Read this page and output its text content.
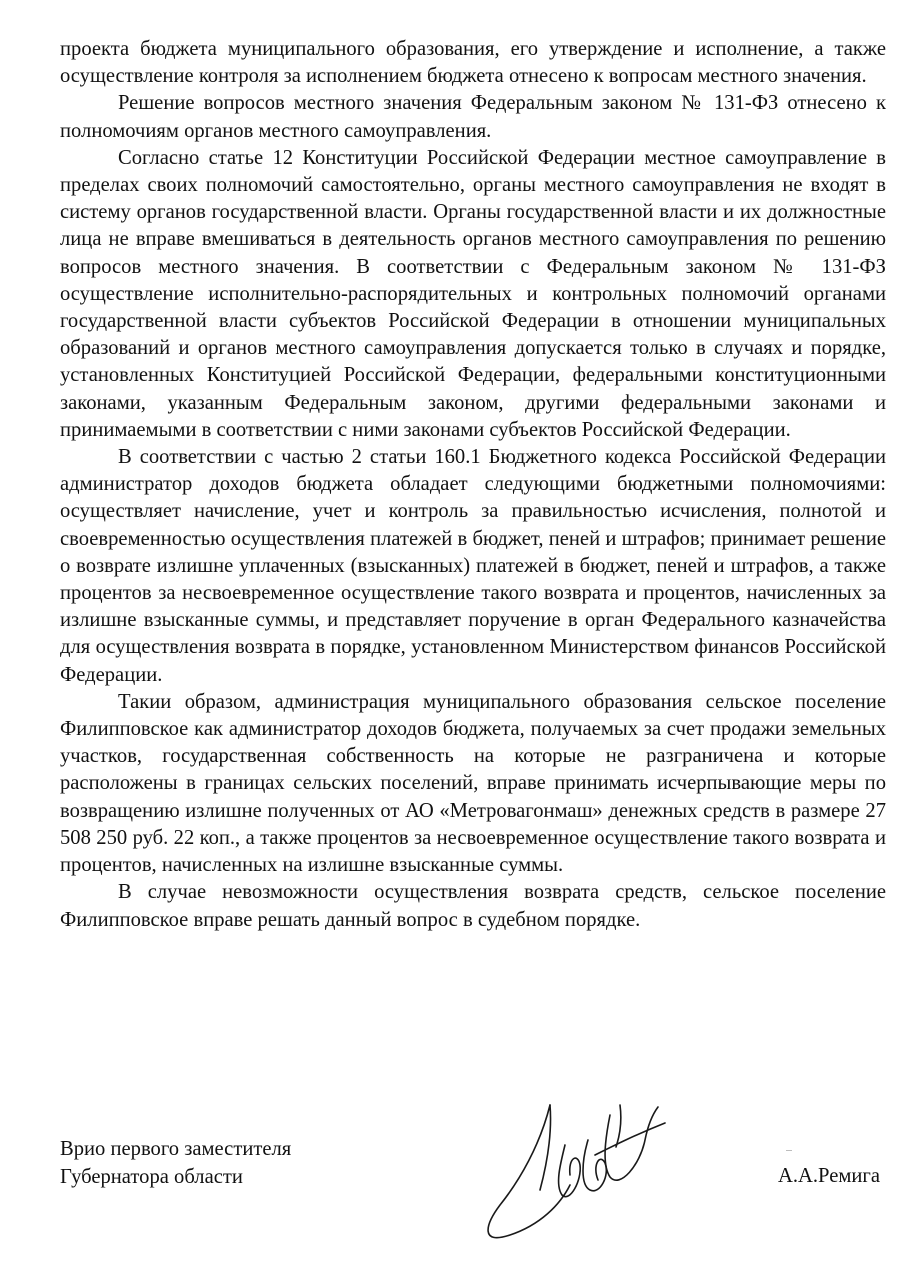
проекта бюджета муниципального образования, его утверждение и исполнение, а также осуществление контроля за исполнением бюджета отнесено к вопросам местного значения.

Решение вопросов местного значения Федеральным законом № 131-ФЗ отнесено к полномочиям органов местного самоуправления.

Согласно статье 12 Конституции Российской Федерации местное самоуправление в пределах своих полномочий самостоятельно, органы местного самоуправления не входят в систему органов государственной власти. Органы государственной власти и их должностные лица не вправе вмешиваться в деятельность органов местного самоуправления по решению вопросов местного значения. В соответствии с Федеральным законом № 131-ФЗ осуществление исполнительно-распорядительных и контрольных полномочий органами государственной власти субъектов Российской Федерации в отношении муниципальных образований и органов местного самоуправления допускается только в случаях и порядке, установленных Конституцией Российской Федерации, федеральными конституционными законами, указанным Федеральным законом, другими федеральными законами и принимаемыми в соответствии с ними законами субъектов Российской Федерации.

В соответствии с частью 2 статьи 160.1 Бюджетного кодекса Российской Федерации администратор доходов бюджета обладает следующими бюджетными полномочиями: осуществляет начисление, учет и контроль за правильностью исчисления, полнотой и своевременностью осуществления платежей в бюджет, пеней и штрафов; принимает решение о возврате излишне уплаченных (взысканных) платежей в бюджет, пеней и штрафов, а также процентов за несвоевременное осуществление такого возврата и процентов, начисленных за излишне взысканные суммы, и представляет поручение в орган Федерального казначейства для осуществления возврата в порядке, установленном Министерством финансов Российской Федерации.

Такии образом, администрация муниципального образования сельское поселение Филипповское как администратор доходов бюджета, получаемых за счет продажи земельных участков, государственная собственность на которые не разграничена и которые расположены в границах сельских поселений, вправе принимать исчерпывающие меры по возвращению излишне полученных от АО «Метровагонмаш» денежных средств в размере 27 508 250 руб. 22 коп., а также процентов за несвоевременное осуществление такого возврата и процентов, начисленных на излишне взысканные суммы.

В случае невозможности осуществления возврата средств, сельское поселение Филипповское вправе решать данный вопрос в судебном порядке.

Врио первого заместителя
Губернатора области	А.А.Ремига
